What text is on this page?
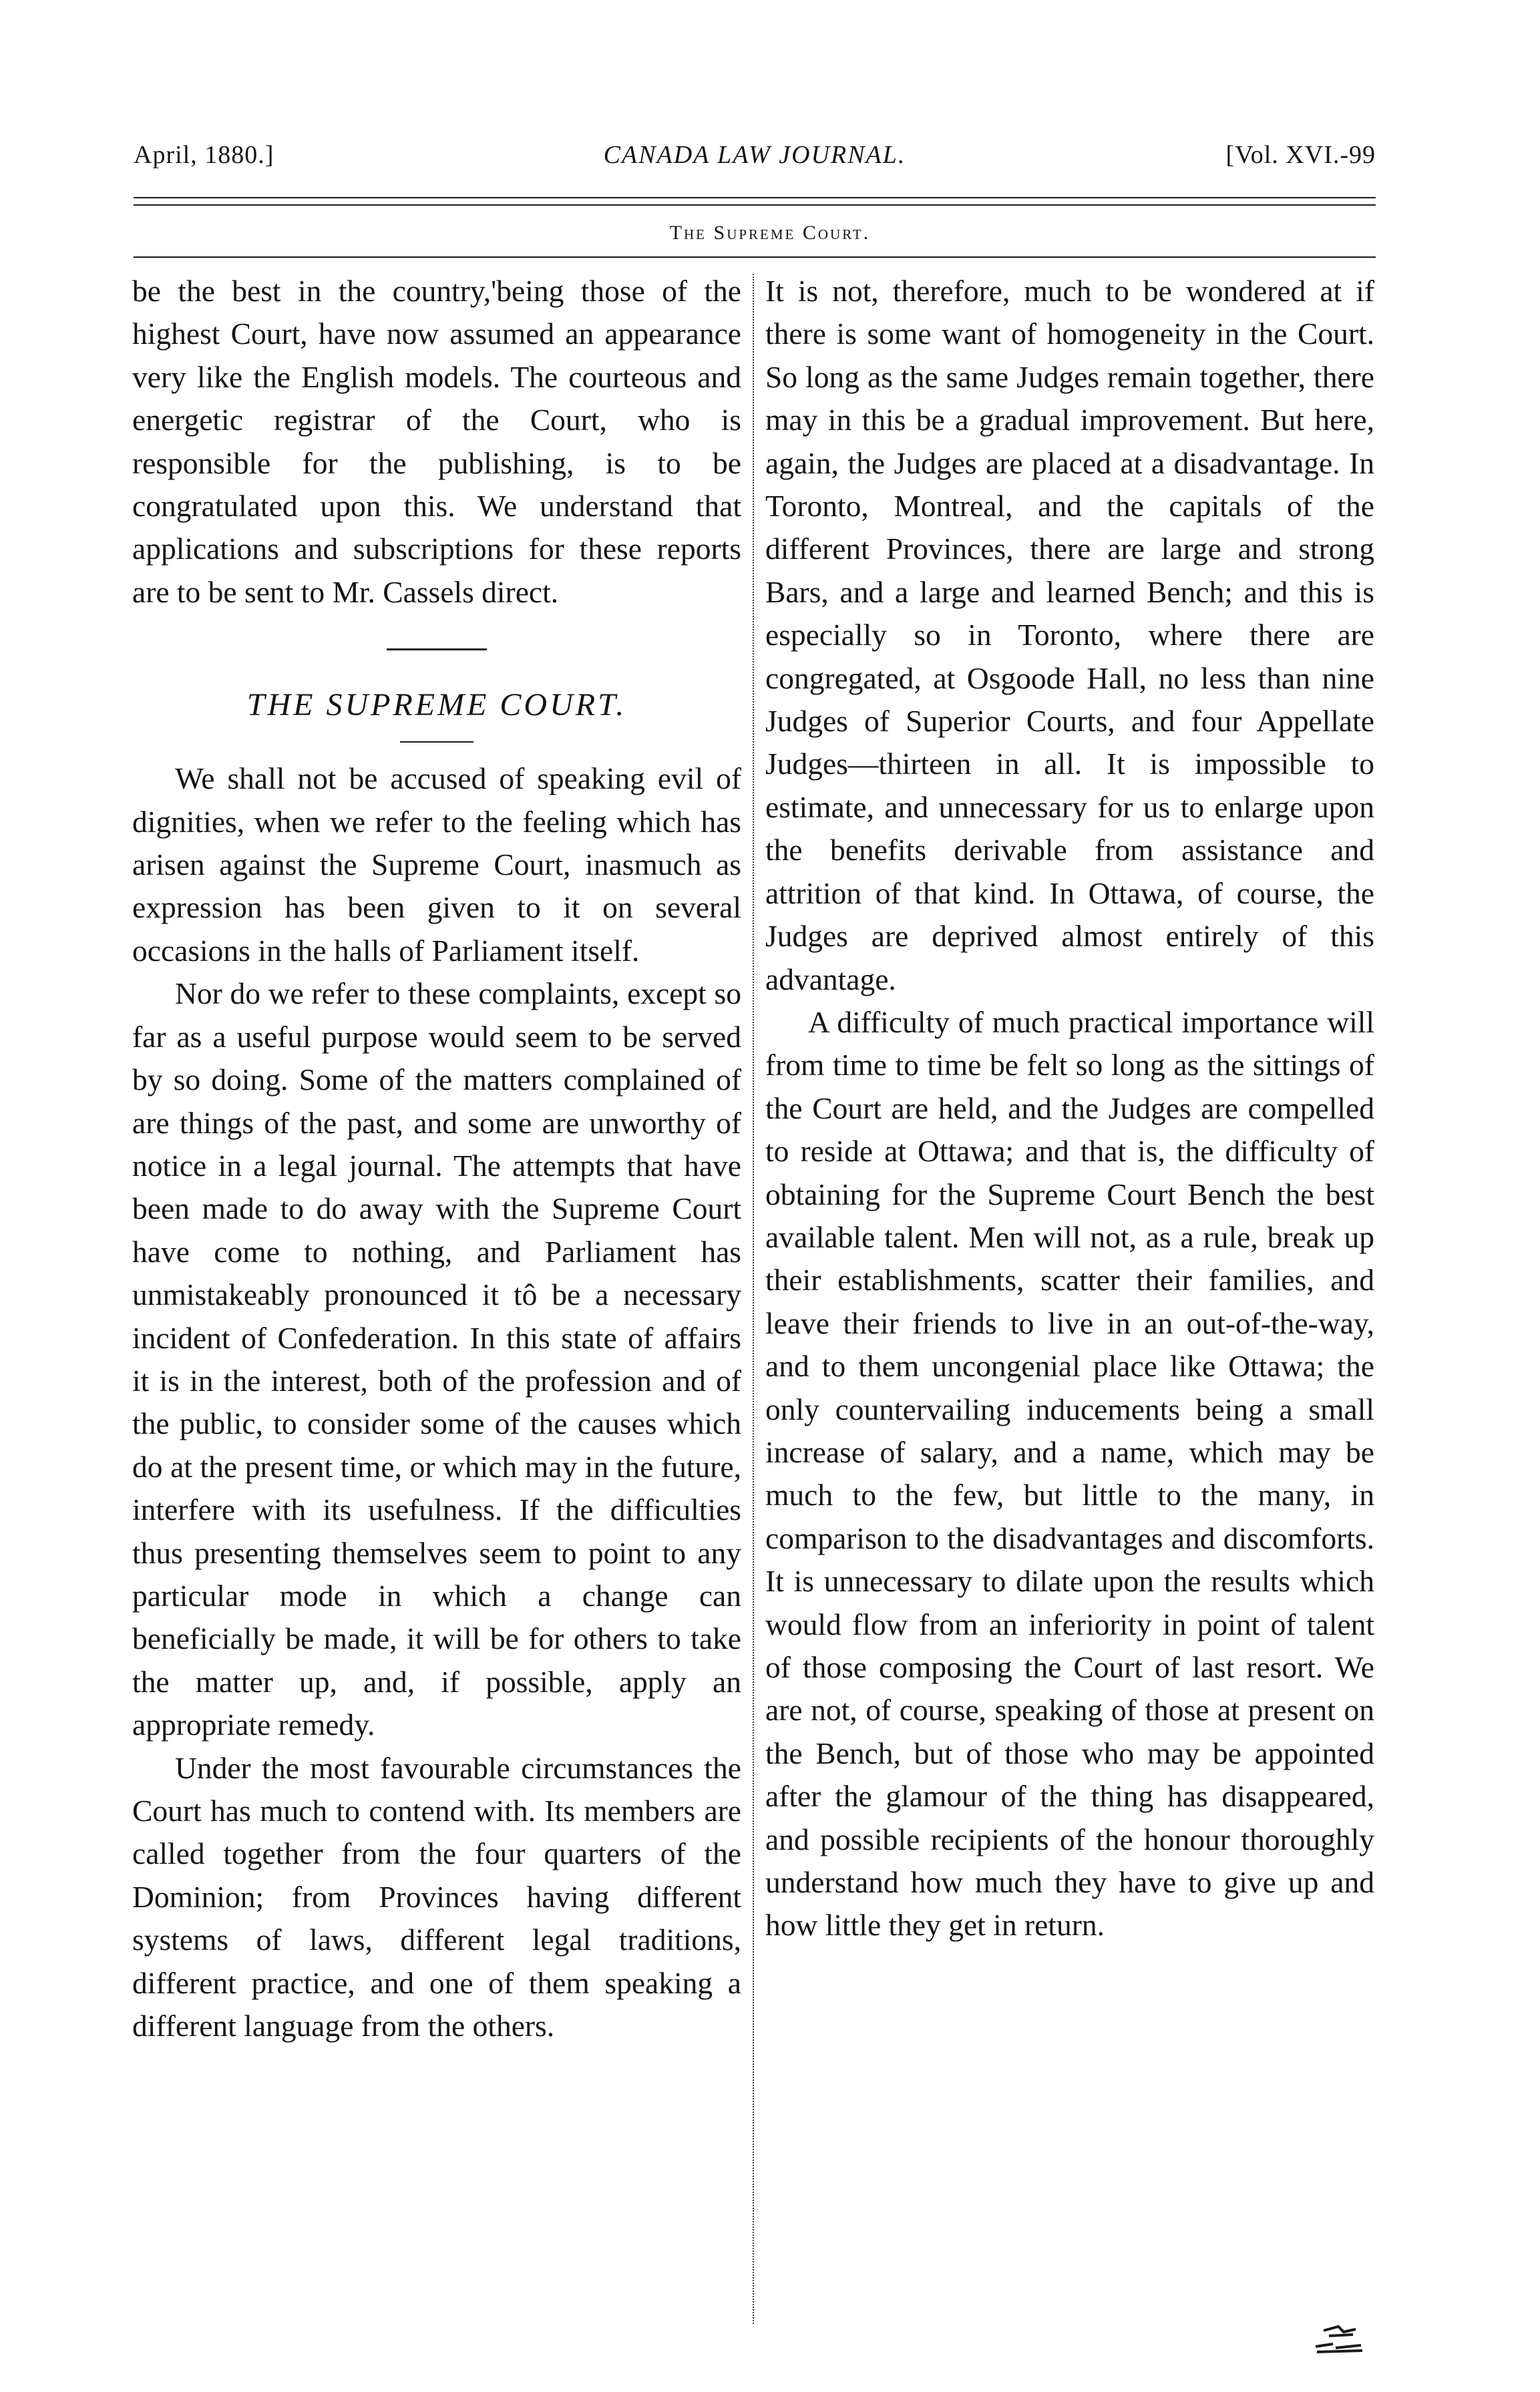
April, 1880.]	CANADA LAW JOURNAL.	[Vol. XVI.-99
The Supreme Court.

be the best in the country,'being those of the highest Court, have now assumed an appearance very like the English models. The courteous and energetic registrar of the Court, who is responsible for the publishing, is to be congratulated upon this. We understand that applications and subscriptions for these reports are to be sent to Mr. Cassels direct.

THE SUPREME COURT.

We shall not be accused of speaking evil of dignities, when we refer to the feeling which has arisen against the Supreme Court, inasmuch as expression has been given to it on several occasions in the halls of Parliament itself.

Nor do we refer to these complaints, except so far as a useful purpose would seem to be served by so doing. Some of the matters complained of are things of the past, and some are unworthy of notice in a legal journal. The attempts that have been made to do away with the Supreme Court have come to nothing, and Parliament has unmistakeably pronounced it tô be a necessary incident of Confederation. In this state of affairs it is in the interest, both of the profession and of the public, to consider some of the causes which do at the present time, or which may in the future, interfere with its usefulness. If the difficulties thus presenting themselves seem to point to any particular mode in which a change can beneficially be made, it will be for others to take the matter up, and, if possible, apply an appropriate remedy.

Under the most favourable circumstances the Court has much to contend with. Its members are called together from the four quarters of the Dominion; from Provinces having different systems of laws, different legal traditions, different practice, and one of them speaking a different language from the others.

It is not, therefore, much to be wondered at if there is some want of homogeneity in the Court. So long as the same Judges remain together, there may in this be a gradual improvement. But here, again, the Judges are placed at a disadvantage. In Toronto, Montreal, and the capitals of the different Provinces, there are large and strong Bars, and a large and learned Bench; and this is especially so in Toronto, where there are congregated, at Osgoode Hall, no less than nine Judges of Superior Courts, and four Appellate Judges—thirteen in all. It is impossible to estimate, and unnecessary for us to enlarge upon the benefits derivable from assistance and attrition of that kind. In Ottawa, of course, the Judges are deprived almost entirely of this advantage.

A difficulty of much practical importance will from time to time be felt so long as the sittings of the Court are held, and the Judges are compelled to reside at Ottawa; and that is, the difficulty of obtaining for the Supreme Court Bench the best available talent. Men will not, as a rule, break up their establishments, scatter their families, and leave their friends to live in an out-of-the-way, and to them uncongenial place like Ottawa; the only countervailing inducements being a small increase of salary, and a name, which may be much to the few, but little to the many, in comparison to the disadvantages and discomforts. It is unnecessary to dilate upon the results which would flow from an inferiority in point of talent of those composing the Court of last resort. We are not, of course, speaking of those at present on the Bench, but of those who may be appointed after the glamour of the thing has disappeared, and possible recipients of the honour thoroughly understand how much they have to give up and how little they get in return.
